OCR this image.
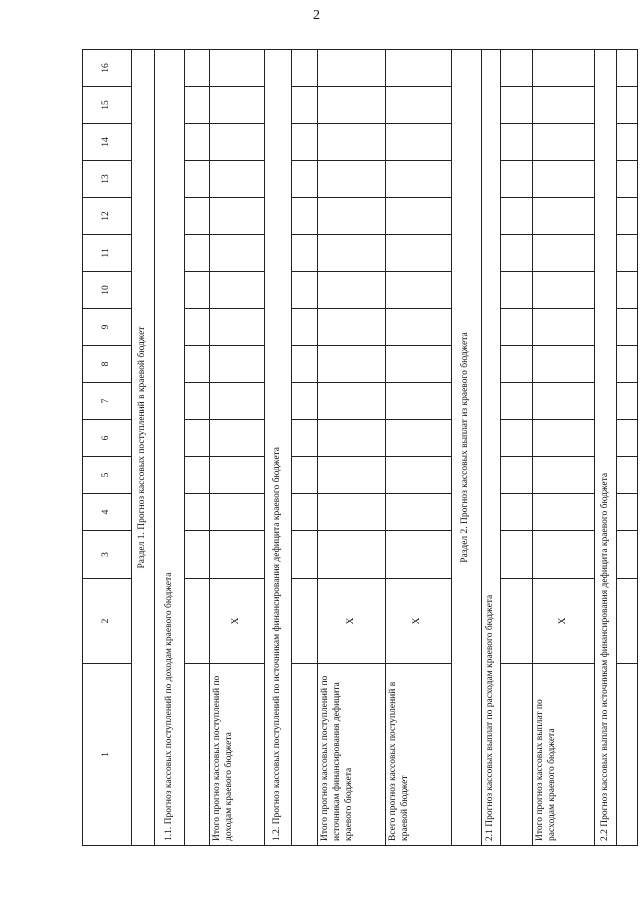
2
1	2	3	4	5	6	7	8	9	10	11	12	13	14	15	16
Раздел 1. Прогноз кассовых поступлений в краевой бюджет															
1.1. Прогноз кассовых поступлений по доходам краевого бюджета															

Итого прогноз кассовых поступлений по доходам краевого бюджета	X														
1.2. Прогноз кассовых поступлений по источникам финансирования дефицита краевого бюджета															

Итого прогноз кассовых поступлений по источникам финансирования дефицита краевого бюджета	X														
Всего прогноз кассовых поступлений в краевой бюджет	X														
Раздел 2. Прогноз кассовых выплат из краевого бюджета															
2.1 Прогноз кассовых выплат по расходам краевого бюджета															

Итого прогноз кассовых выплат по расходам краевого бюджета	X														
2.2 Прогноз кассовых выплат по источникам финансирования дефицита краевого бюджета															
